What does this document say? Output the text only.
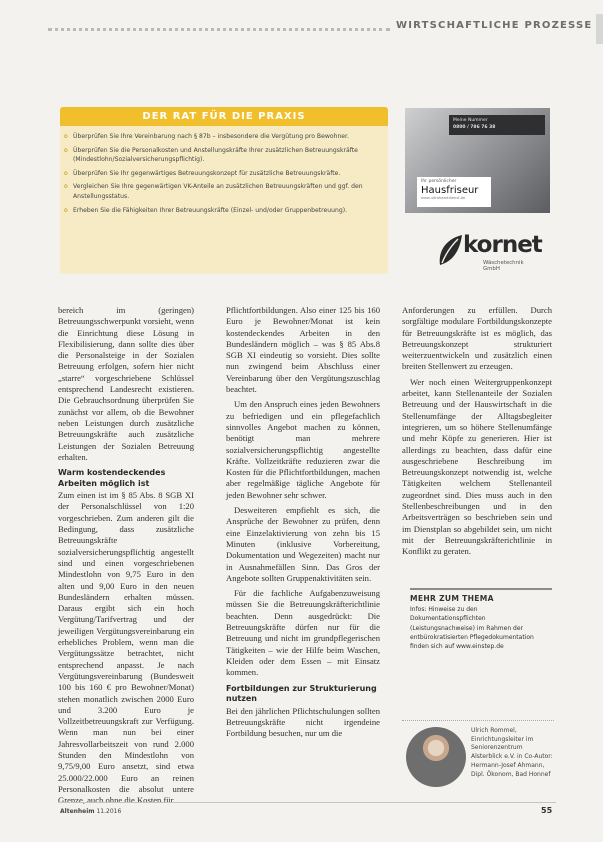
WIRTSCHAFTLICHE PROZESSE
DER RAT FÜR DIE PRAXIS
o Überprüfen Sie Ihre Vereinbarung nach § 87b – insbesondere die Vergütung pro Bewohner.
o Überprüfen Sie die Personalkosten und Anstellungskräfte Ihrer zusätzlichen Betreuungskräfte (Mindestlohn/Sozialversicherungspflichtig).
o Überprüfen Sie Ihr gegenwärtiges Betreuungskonzept für zusätzliche Betreuungskräfte.
o Vergleichen Sie Ihre gegenwärtigen VK-Anteile an zusätzlichen Betreuungskräften und ggf. den Anstellungsstatus.
o Erheben Sie die Fähigkeiten Ihrer Betreuungskräfte (Einzel- und/oder Gruppenbetreuung).
Meine Nummer
0800 / 786 76 38
Ihr persönlicher
Hausfriseur
www.ultrahaartdienst.de
kornet
Wäschetechnik GmbH

bereich im (geringen) Betreuungsschwerpunkt vorsieht, wenn die Einrichtung diese Lösung in Flexibilisierung, dann sollte dies über die Personalsteige in der Sozialen Betreuung erfolgen, sofern hier nicht „starre“ vorgeschriebene Schlüssel entsprechend Landesrecht existieren. Die Gebrauchsordnung überprüfen Sie zunächst vor allem, ob die Bewohner neben Leistungen durch zusätzliche Betreuungskräfte auch zusätzliche Leistungen der Sozialen Betreuung erhalten.

Warm kostendeckendes Arbeiten möglich ist

Zum einen ist im § 85 Abs. 8 SGB XI der Personalschlüssel von 1:20 vorgeschrieben. Zum anderen gilt die Bedingung, dass zusätzliche Betreuungskräfte sozialversicherungspflichtig angestellt sind und einen vorgeschriebenen Mindestlohn von 9,75 Euro in den alten und 9,00 Euro in den neuen Bundesländern erhalten müssen. Daraus ergibt sich ein hoch Vergütung/Tarifvertrag und der jeweiligen Vergütungsvereinbarung ein erhebliches Problem, wenn man die Vergütungssätze betrachtet, nicht entsprechend anpasst. Je nach Vergütungsvereinbarung (Bundesweit 100 bis 160 € pro Bewohner/Monat) stehen monatlich zwischen 2000 Euro und 3.200 Euro je Vollzeitbetreuungskraft zur Verfügung. Wenn man nun bei einer Jahresvollarbeitszeit von rund 2.000 Stunden den Mindestlohn von 9,75/9,00 Euro ansetzt, sind etwa 25.000/22.000 Euro an reinen Personalkosten die absolut untere Grenze, auch ohne die Kosten für

Pflichtfortbildungen. Also einer 125 bis 160 Euro je Bewohner/Monat ist kein kostendeckendes Arbeiten in den Bundesländern möglich – was § 85 Abs.8 SGB XI eindeutig so vorsieht. Dies sollte nun zwingend beim Abschluss einer Vereinbarung über den Vergütungszuschlag beachtet.

Um den Anspruch eines jeden Bewohners zu befriedigen und ein pflegefachlich sinnvolles Angebot machen zu können, benötigt man mehrere sozialversicherungspflichtig angestellte Kräfte. Vollzeitkräfte reduzieren zwar die Kosten für die Pflichtfortbildungen, machen aber regelmäßige tägliche Angebote für jeden Bewohner sehr schwer.

Desweiteren empfiehlt es sich, die Ansprüche der Bewohner zu prüfen, denn eine Einzelaktivierung von zehn bis 15 Minuten (inklusive Vorbereitung, Dokumentation und Wegezeiten) macht nur in Ausnahmefällen Sinn. Das Gros der Angebote sollten Gruppenaktivitäten sein.

Für die fachliche Aufgabenzuweisung müssen Sie die Betreuungskräfterichtlinie beachten. Denn ausgedrückt: Die Betreuungskräfte dürfen nur für die Betreuung und nicht im grundpflegerischen Tätigkeiten – wie der Hilfe beim Waschen, Kleiden oder dem Essen – mit Einsatz kommen.

Fortbildungen zur Strukturierung nutzen

Bei den jährlichen Pflichtschulungen sollten Betreuungskräfte nicht irgendeine Fortbildung besuchen, nur um die

Anforderungen zu erfüllen. Durch sorgfältige modulare Fortbildungskonzepte für Betreuungskräfte ist es möglich, das Betreuungskonzept strukturiert weiterzuentwickeln und zusätzlich einen breiten Stellenwert zu erzeugen.

Wer noch einen Weitergruppenkonzept arbeitet, kann Stellenanteile der Sozialen Betreuung und der Hauswirtschaft in die Stellenumfänge der Alltagsbegleiter integrieren, um so höhere Stellenumfänge und mehr Köpfe zu generieren. Hier ist allerdings zu beachten, dass dafür eine ausgeschriebene Beschreibung im Betreuungskonzept notwendig ist, welche Tätigkeiten welchem Stellenanteil zugeordnet sind. Dies muss auch in den Stellenbeschreibungen und in den Arbeitsverträgen so beschrieben sein und im Dienstplan so abgebildet sein, um nicht mit der Betreuungskräfterichtlinie in Konflikt zu geraten.

MEHR ZUM THEMA
Infos: Hinweise zu den Dokumentationspflichten (Leistungsnachweise) im Rahmen der entbürokratisierten Pflegedokumentation finden sich auf www.einstep.de
Ulrich Rommel, Einrichtungsleiter im Seniorenzentrum Alsterblick e.V. in Co-Autor: Hermann-Josef Ahmann, Dipl. Ökonom, Bad Honnef
Altenheim 11.2016	55
